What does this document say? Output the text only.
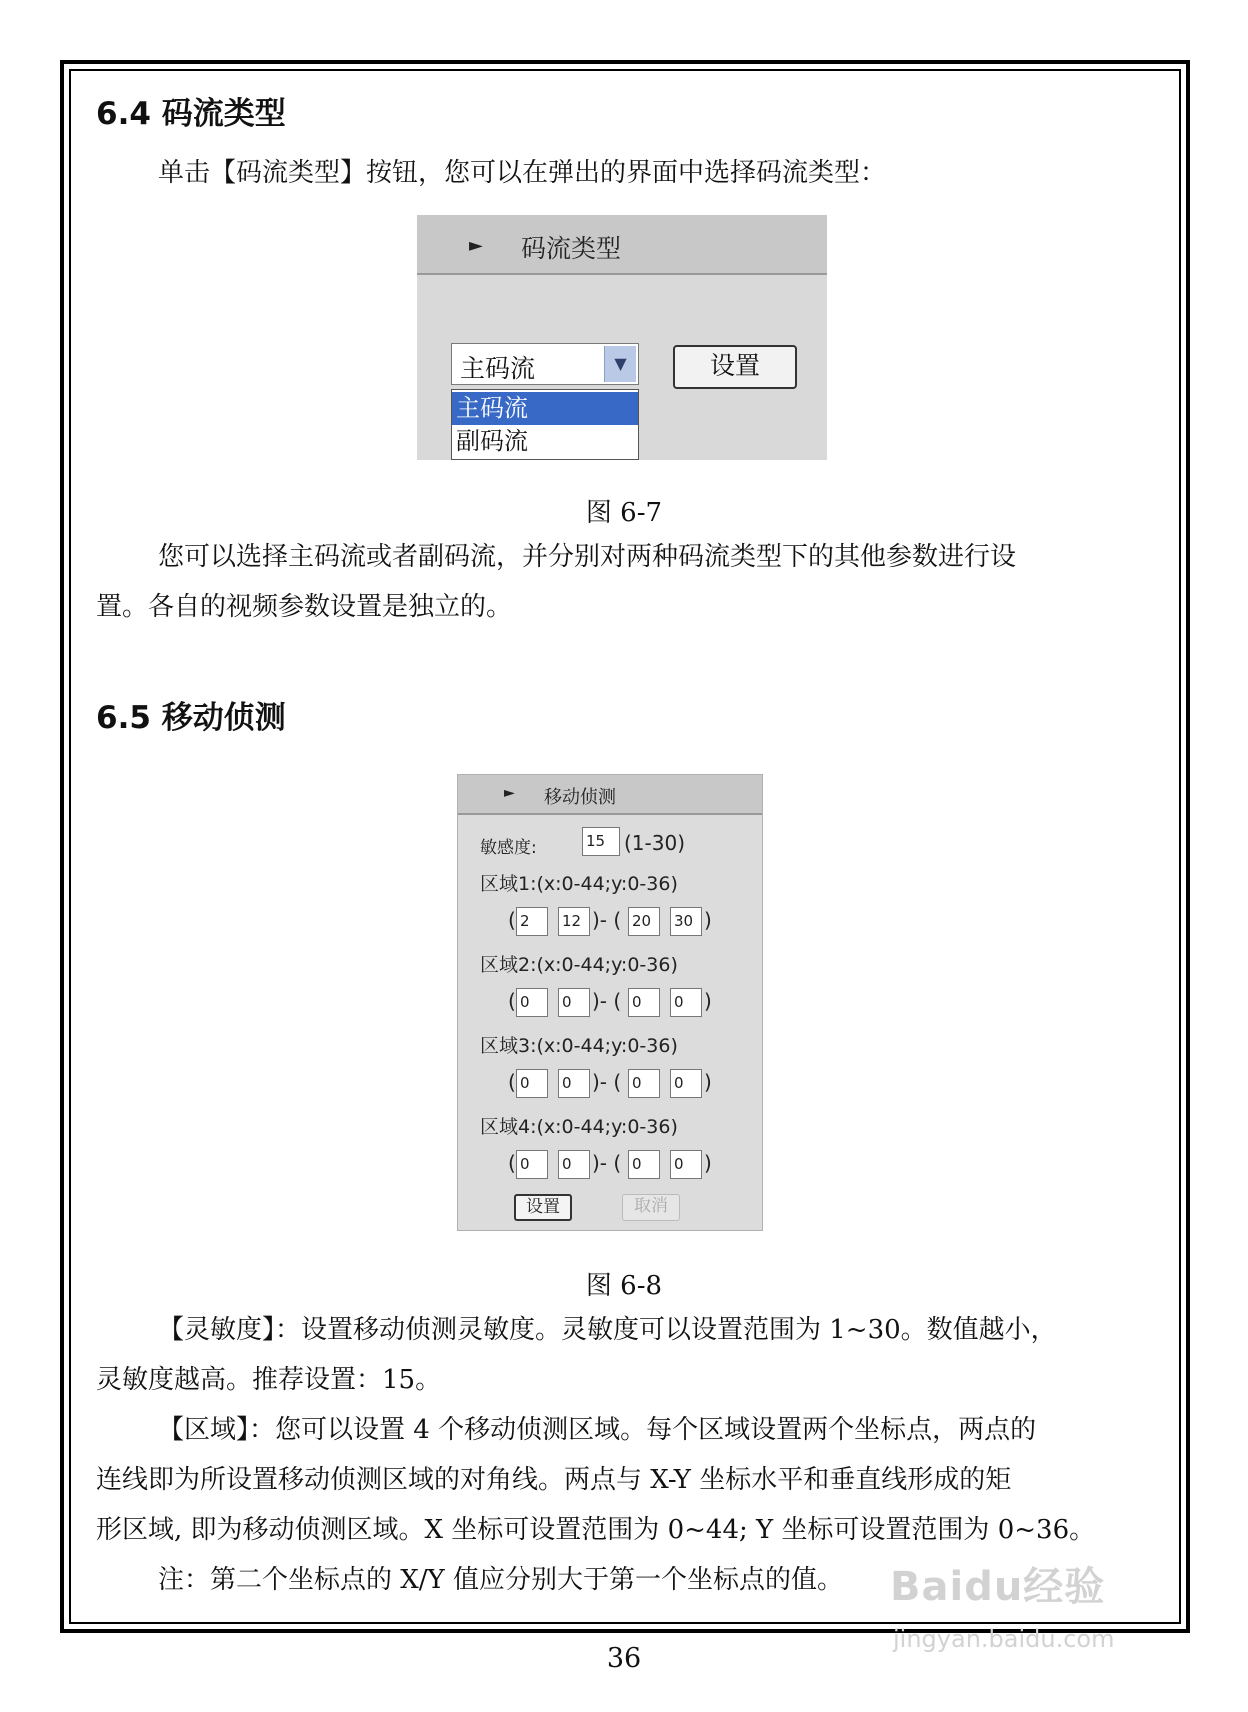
6.4 码流类型
单击【码流类型】按钮，您可以在弹出的界面中选择码流类型：
► 码流类型
主码流	▼	设置
主码流
副码流
图 6-7
您可以选择主码流或者副码流，并分别对两种码流类型下的其他参数进行设
置。各自的视频参数设置是独立的。
6.5 移动侦测
► 移动侦测
敏感度:	15 (1-30)
区域1:(x:0-44;y:0-36)
( 2	12 )- ( 20	30 )
区域2:(x:0-44;y:0-36)
( 0	0	)- ( 0	0	)
区域3:(x:0-44;y:0-36)
( 0	0	)- ( 0	0	)
区域4:(x:0-44;y:0-36)
( 0	0	)- ( 0	0	)
设置	取消
图 6-8
【灵敏度】：设置移动侦测灵敏度。灵敏度可以设置范围为 1~30。数值越小，
灵敏度越高。推荐设置：15。
【区域】：您可以设置 4 个移动侦测区域。每个区域设置两个坐标点，两点的
连线即为所设置移动侦测区域的对角线。两点与 X-Y 坐标水平和垂直线形成的矩
形区域, 即为移动侦测区域。X 坐标可设置范围为 0~44; Y 坐标可设置范围为 0~36。
注：第二个坐标点的 X/Y 值应分别大于第一个坐标点的值。
36
Baidu经验
jingyan.baidu.com
